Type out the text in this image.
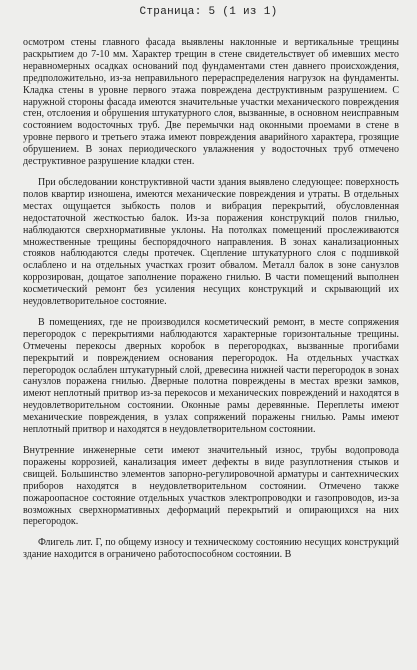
Страница: 5 (1 из 1)

осмотром стены главного фасада выявлены наклонные и вертикальные трещины раскрытием до 7-10 мм. Характер трещин в стене свидетельствует об имевших место неравномерных осадках оснований под фундаментами стен давнего происхождения, предположительно, из-за неправильного перераспределения нагрузок на фундаменты. Кладка стены в уровне первого этажа повреждена деструктивным разрушением. С наружной стороны фасада имеются значительные участки механического повреждения стен, отслоения и обрушения штукатурного слоя, вызванные, в основном неисправным состоянием водосточных труб. Две перемычки над оконными проемами в стене в уровне первого и третьего этажа имеют повреждения аварийного характера, грозящие обрушением. В зонах периодического увлажнения у водосточных труб отмечено деструктивное разрушение кладки стен.

При обследовании конструктивной части здания выявлено следующее: поверхность полов квартир изношена, имеются механические повреждения и утраты. В отдельных местах ощущается зыбкость полов и вибрация перекрытий, обусловленная недостаточной жесткостью балок. Из-за поражения конструкций полов гнилью, наблюдаются сверхнормативные уклоны. На потолках помещений прослеживаются множественные трещины беспорядочного направления. В зонах канализационных стояков наблюдаются следы протечек. Сцепление штукатурного слоя с подшивкой ослаблено и на отдельных участках грозит обвалом. Металл балок в зоне санузлов коррозирован, дощатое заполнение поражено гнилью. В части помещений выполнен косметический ремонт без усиления несущих конструкций и скрывающий их неудовлетворительное состояние.

В помещениях, где не производился косметический ремонт, в месте сопряжения перегородок с перекрытиями наблюдаются характерные горизонтальные трещины. Отмечены перекосы дверных коробок в перегородках, вызванные прогибами перекрытий и повреждением основания перегородок. На отдельных участках перегородок ослаблен штукатурный слой, древесина нижней части перегородок в зонах санузлов поражена гнилью. Дверные полотна повреждены в местах врезки замков, имеют неплотный притвор из-за перекосов и механических повреждений и находятся в неудовлетворительном состоянии. Оконные рамы деревянные. Переплеты имеют механические повреждения, в узлах сопряжений поражены гнилью. Рамы имеют неплотный притвор и находятся в неудовлетворительном состоянии.

Внутренние инженерные сети имеют значительный износ, трубы водопровода поражены коррозией, канализация имеет дефекты в виде разуплотнения стыков и свищей. Большинство элементов запорно-регулировочной арматуры и сантехнических приборов находятся в неудовлетворительном состоянии. Отмечено также пожароопасное состояние отдельных участков электропроводки и газопроводов, из-за возможных сверхнормативных деформаций перекрытий и опирающихся на них перегородок.

Флигель лит. Г, по общему износу и техническому состоянию несущих конструкций здание находится в ограничено работоспособном состоянии. В
